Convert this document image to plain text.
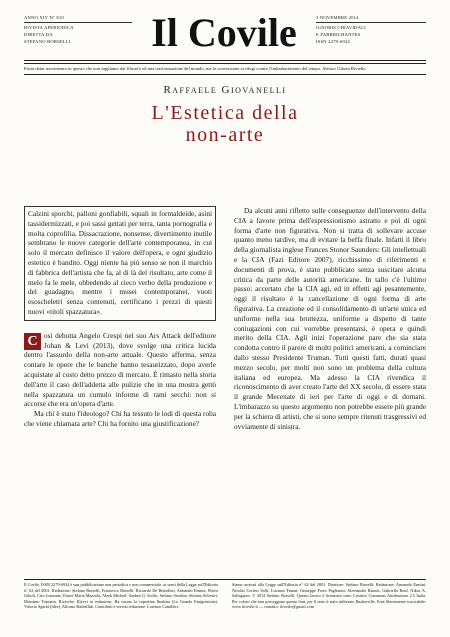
ANNO XIV N° 810
RIVISTA APERIODICA
DIRETTA DA
STEFANO BORSELLI	Il Covile	3 NOVEMBRE 2014
IGNORIS CHIAVIDALI
E FABBRICHANTES
ISSN 2279-6924
Primi datur movimento in questa che non sappiamo dal filosofo ed una trasformazione del mondo, ma la conversione ai rifugi contro l'imbarbarimento del tempo. Alessio Gibran Riviello
Raffaele Giovanelli
L'Estetica della
non-arte

Calzini sporchi, palloni gonfiabili, squali in formaldeide, asini tassidermizzati, e poi sassi gettati per terra, tanta pornografia e molta coprofilia. Dissacrazione, nonsense, divertimento inutile sembrano le nuove categorie dell'arte contemporanea, in cui solo il mercato definisce il valore dell'opera, e ogni giudizio estetico è bandito. Oggi niente ha più senso se non il marchio di fabbrica dell'artista che fa, al di là del risultato, arte come il melo fa le mele, obbedendo al cieco verbo della produzione e del guadagno, mentre i musei contemporanei, vuoti esoscheletri senza contenuti, certificano i prezzi di questi nuovi «titoli spazzatura».

C osì debutta Angelo Crespi nel suo Ars Attack dell'editore Johan & Levi (2013), dove svolge una critica lucida dentro l'assurdo della non-arte attuale. Questo afferma, senza contare le opere che le banche hanno tesaurizzato, dopo averle acquistate al costo detto prezzo di mercato. È rimasto nella storia dell'arte il caso dell'addetta alle pulizie che in una mostra gettò nella spazzatura un cumulo informe di rami secchi: non si accorse che era un'opera d'arte.

Ma chi è stato l'ideologo? Chi ha tessuto le lodi di questa roba che viene chiamata arte? Chi ha fornito una giustificazione?

Da alcuni anni rifletto sulle conseguenze dell'intervento della CIA a favore prima dell'espressionismo astratto e poi di ogni forma d'arte non figurativa. Non si tratta di sollevare accuse quanto meno tardive, ma di evitare la beffa finale. Infatti il libro della giornalista inglese Frances Stonor Saunders: Gli intellettuali e la CIA (Fazi Editore 2007), ricchissimo di riferimenti e documenti di prova, è stato pubblicato senza suscitare alcuna critica da parte delle autorità americane. In tallo c'è l'ultimo passo: accertato che la CIA agì, ed in effetti agì pesantemente, oggi il risultato è la cancellazione di ogni forma di arte figurativa. La creazione ed il consolidamento di un'arte unica ed uniforme nella sua bruttezza, uniforme a dispetto di tante coniugazioni con cui vorrebbe presentarsi, è opera e quindi merito della CIA. Agli inizi l'operazione pare che sia stata condotta contro il parere di molti politici americani, a cominciare dallo stesso Presidente Truman. Tutti questi fatti, durati quasi mezzo secolo, per molti non sono un problema della cultura italiana ed europea. Ma adesso la CIA rivendica il riconoscimento di aver creato l'arte del XX secolo, di essere stata il grande Mecenate di ieri per l'arte di oggi e di domani. L'imbarazzo su questo argomento non potrebbe essere più grande per la schiera di artisti, che si sono sempre ritenuti trasgressivi ed ovviamente di sinistra.

Il Covile, ISSN 2279-6924 è una pubblicazione non periodica e non commerciale, ai sensi della Legge sull'Editoria n° 62 del 2001. Redazione: Stefano Borselli, Francesco Borselli, Riccardo De Benedetti, Armando Ermini, Pietro Gilioli, Ciro Lomonte, Ettore Maria Mazzola, Alzek Misheff, Andrea G. Sciffo, Stefano Serafini, Stefano Silvestri, Massimo Tomasin. Ricerche: Ricevi in redazione, Ha curato la copertina Ibrahim (La Grande Emigrazione). Vittorio Sgarbi (Idee), Alfonso Barbellini. Contributi e servizi redazione: Lorenzo Camilleri.
Siamo arrivati alla Legge sull'Editoria n° 62 del 2001. Direttore: Stefano Borselli. Redazione: Armando Ermini, Nicolas Cortesi Solli, Luciano Funari, Giuseppe Ferro Pagliarini, Alessandro Ramos, Gabriella Roul, Nikos A. Salingaros. © 2014 Stefano Borselli. Questo lavoro è licenziato sotto Creative Commons Attribuzione 2.5 Italia. Per coloro che non posseggono questo font, per il testo è stato utilizzato Baskerville. Font liberamente scaricabile: www.ilcovile.it — contatto: ilcovile@gmail.com
